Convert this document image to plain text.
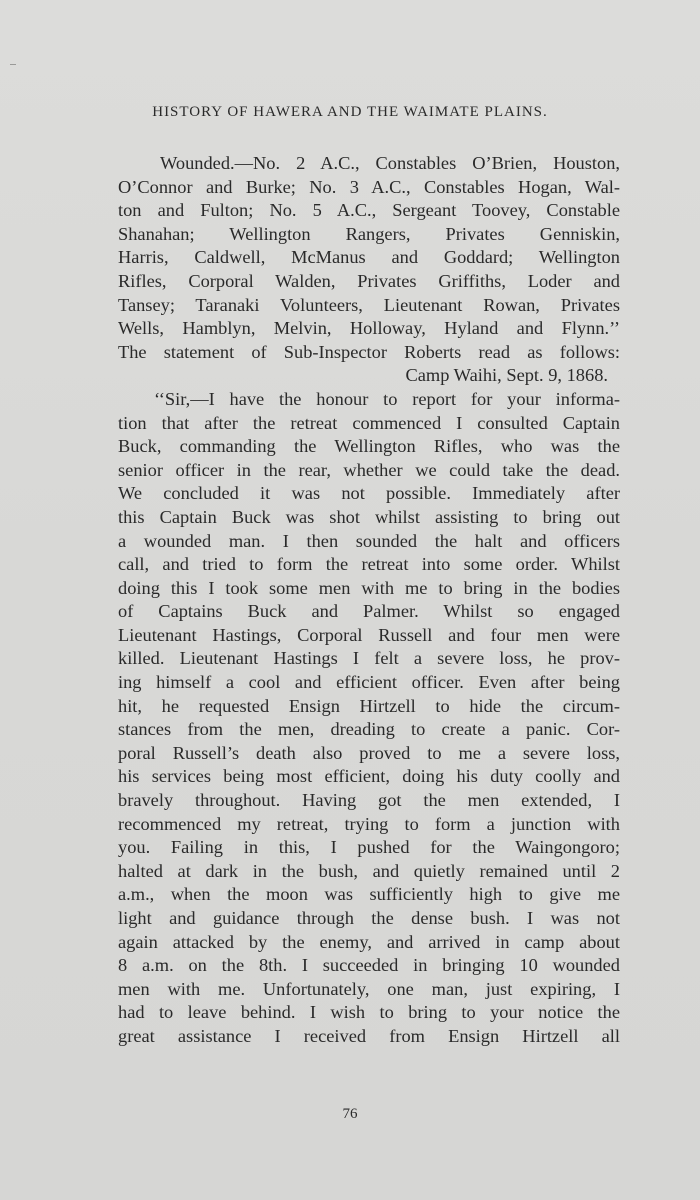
HISTORY OF HAWERA AND THE WAIMATE PLAINS.
Wounded.—No. 2 A.C., Constables O’Brien, Houston,
O’Connor and Burke; No. 3 A.C., Constables Hogan, Wal-
ton and Fulton; No. 5 A.C., Sergeant Toovey, Constable
Shanahan; Wellington Rangers, Privates Genniskin,
Harris, Caldwell, McManus and Goddard; Wellington
Rifles, Corporal Walden, Privates Griffiths, Loder and
Tansey; Taranaki Volunteers, Lieutenant Rowan, Privates
Wells, Hamblyn, Melvin, Holloway, Hyland and Flynn.’’
The statement of Sub-Inspector Roberts read as follows:
Camp Waihi, Sept. 9, 1868.
‘‘Sir,—I have the honour to report for your informa-
tion that after the retreat commenced I consulted Captain
Buck, commanding the Wellington Rifles, who was the
senior officer in the rear, whether we could take the dead.
We concluded it was not possible. Immediately after
this Captain Buck was shot whilst assisting to bring out
a wounded man. I then sounded the halt and officers
call, and tried to form the retreat into some order. Whilst
doing this I took some men with me to bring in the bodies
of Captains Buck and Palmer. Whilst so engaged
Lieutenant Hastings, Corporal Russell and four men were
killed. Lieutenant Hastings I felt a severe loss, he prov-
ing himself a cool and efficient officer. Even after being
hit, he requested Ensign Hirtzell to hide the circum-
stances from the men, dreading to create a panic. Cor-
poral Russell’s death also proved to me a severe loss,
his services being most efficient, doing his duty coolly and
bravely throughout. Having got the men extended, I
recommenced my retreat, trying to form a junction with
you. Failing in this, I pushed for the Waingongoro;
halted at dark in the bush, and quietly remained until 2
a.m., when the moon was sufficiently high to give me
light and guidance through the dense bush. I was not
again attacked by the enemy, and arrived in camp about
8 a.m. on the 8th. I succeeded in bringing 10 wounded
men with me. Unfortunately, one man, just expiring, I
had to leave behind. I wish to bring to your notice the
great assistance I received from Ensign Hirtzell all
76
